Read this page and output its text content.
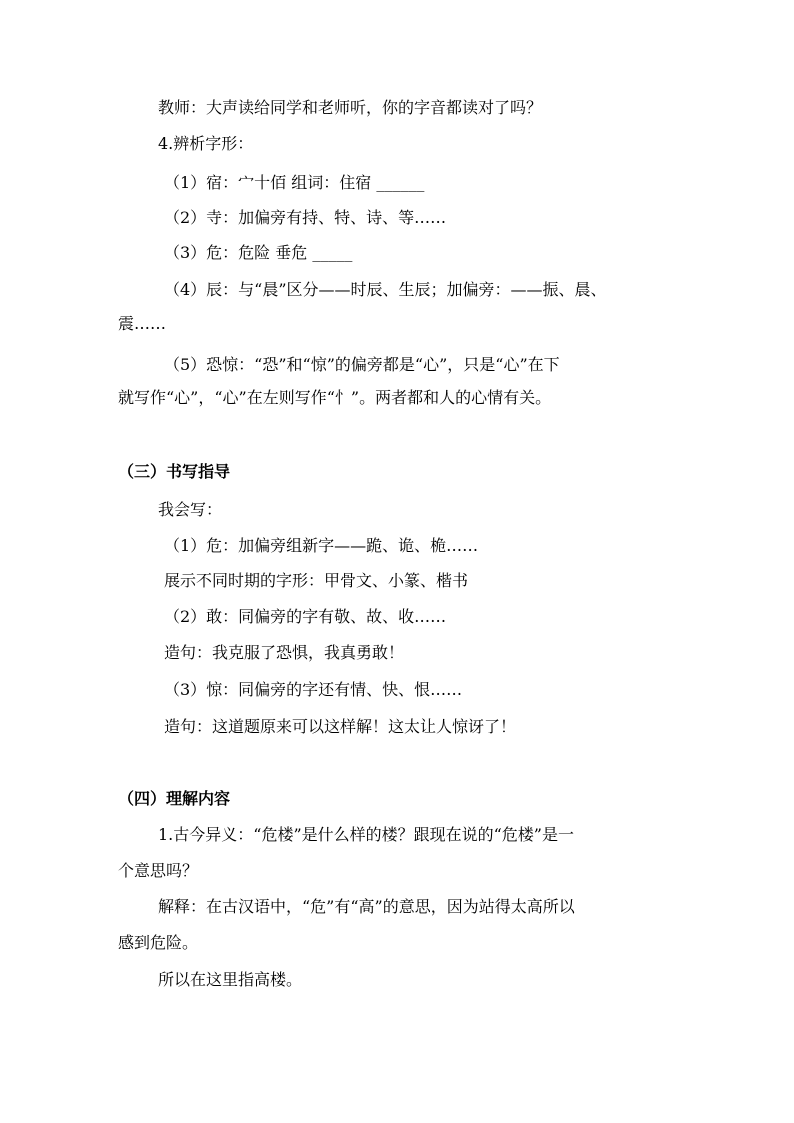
教师：大声读给同学和老师听，你的字音都读对了吗？
4.辨析字形：
（1）宿：宀十佰 组词：住宿 ______
（2）寺：加偏旁有持、特、诗、等……
（3）危：危险 垂危 _____
（4）辰：与“晨”区分——时辰、生辰；加偏旁：——振、晨、
震……
（5）恐惊：“恐”和“惊”的偏旁都是“心”，只是“心”在下
就写作“心”，“心”在左则写作“忄”。两者都和人的心情有关。
（三）书写指导
我会写：
（1）危：加偏旁组新字——跪、诡、桅……
展示不同时期的字形：甲骨文、小篆、楷书
（2）敢：同偏旁的字有敬、故、收……
造句：我克服了恐惧，我真勇敢！
（3）惊：同偏旁的字还有情、快、恨……
造句：这道题原来可以这样解！这太让人惊讶了！
（四）理解内容
1.古今异义：“危楼”是什么样的楼？跟现在说的“危楼”是一
个意思吗？
解释：在古汉语中，“危”有“高”的意思，因为站得太高所以
感到危险。
所以在这里指高楼。
